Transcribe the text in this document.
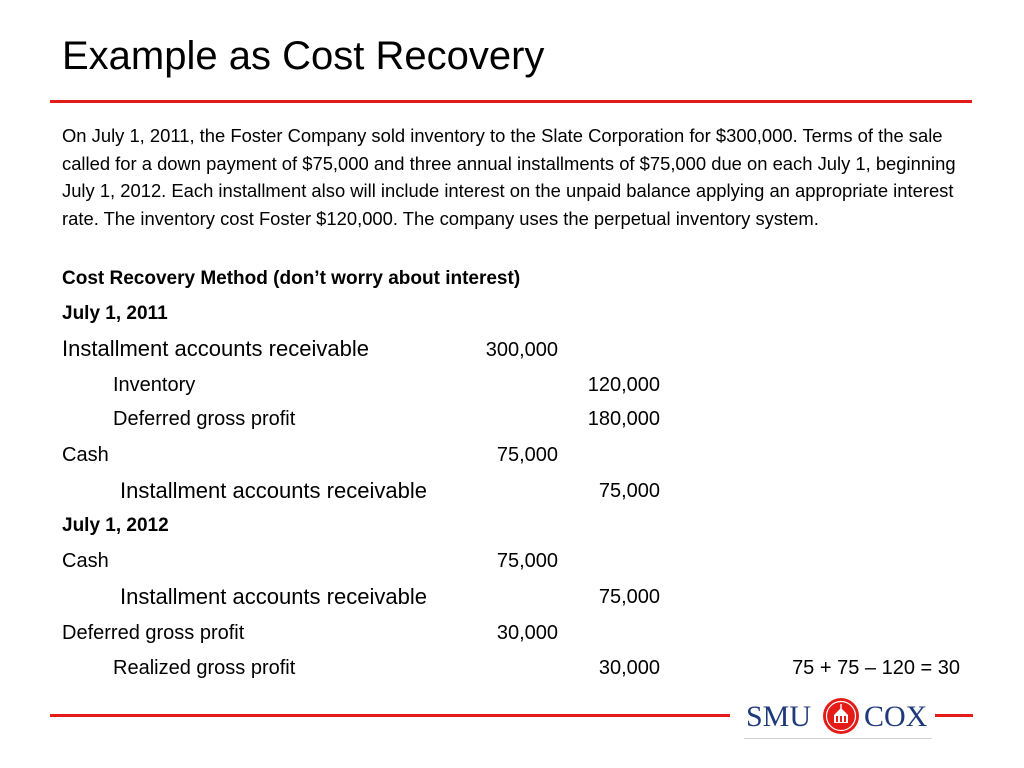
Example as Cost Recovery

On July 1, 2011, the Foster Company sold inventory to the Slate Corporation for $300,000. Terms of the sale called for a down payment of $75,000 and three annual installments of $75,000 due on each July 1, beginning July 1, 2012. Each installment also will include interest on the unpaid balance applying an appropriate interest rate. The inventory cost Foster $120,000. The company uses the perpetual inventory system.

Cost Recovery Method (don’t worry about interest)
July 1, 2011
Installment accounts receivable	300,000
Inventory	120,000
Deferred gross profit	180,000
Cash	75,000
Installment accounts receivable	75,000
July 1, 2012
Cash	75,000
Installment accounts receivable	75,000
Deferred gross profit	30,000
Realized gross profit	30,000	75 + 75 – 120 = 30
SMU COX
